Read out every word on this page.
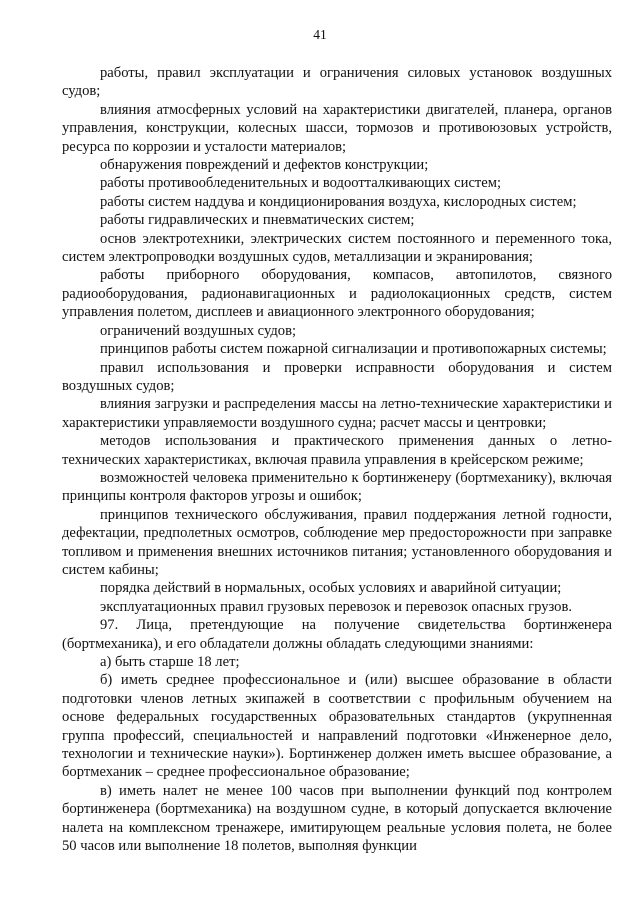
41

работы, правил эксплуатации и ограничения силовых установок воздушных судов;

влияния атмосферных условий на характеристики двигателей, планера, органов управления, конструкции, колесных шасси, тормозов и противоюзовых устройств, ресурса по коррозии и усталости материалов;

обнаружения повреждений и дефектов конструкции;

работы противообледенительных и водоотталкивающих систем;

работы систем наддува и кондиционирования воздуха, кислородных систем;

работы гидравлических и пневматических систем;

основ электротехники, электрических систем постоянного и переменного тока, систем электропроводки воздушных судов, металлизации и экранирования;

работы приборного оборудования, компасов, автопилотов, связного радиооборудования, радионавигационных и радиолокационных средств, систем управления полетом, дисплеев и авиационного электронного оборудования;

ограничений воздушных судов;

принципов работы систем пожарной сигнализации и противопожарных системы;

правил использования и проверки исправности оборудования и систем воздушных судов;

влияния загрузки и распределения массы на летно-технические характеристики и характеристики управляемости воздушного судна; расчет массы и центровки;

методов использования и практического применения данных о летно-технических характеристиках, включая правила управления в крейсерском режиме;

возможностей человека применительно к бортинженеру (бортмеханику), включая принципы контроля факторов угрозы и ошибок;

принципов технического обслуживания, правил поддержания летной годности, дефектации, предполетных осмотров, соблюдение мер предосторожности при заправке топливом и применения внешних источников питания; установленного оборудования и систем кабины;

порядка действий в нормальных, особых условиях и аварийной ситуации;

эксплуатационных правил грузовых перевозок и перевозок опасных грузов.

97. Лица, претендующие на получение свидетельства бортинженера (бортмеханика), и его обладатели должны обладать следующими знаниями:

а) быть старше 18 лет;

б) иметь среднее профессиональное и (или) высшее образование в области подготовки членов летных экипажей в соответствии с профильным обучением на основе федеральных государственных образовательных стандартов (укрупненная группа профессий, специальностей и направлений подготовки «Инженерное дело, технологии и технические науки»). Бортинженер должен иметь высшее образование, а бортмеханик – среднее профессиональное образование;

в) иметь налет не менее 100 часов при выполнении функций под контролем бортинженера (бортмеханика) на воздушном судне, в который допускается включение налета на комплексном тренажере, имитирующем реальные условия полета, не более 50 часов или выполнение 18 полетов, выполняя функции
